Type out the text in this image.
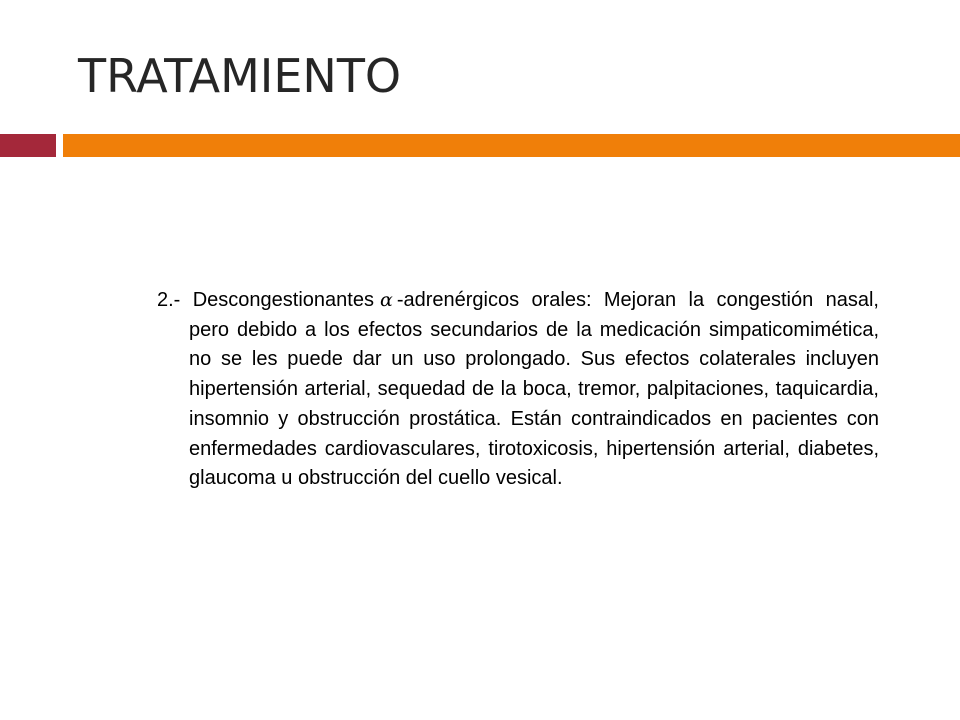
TRATAMIENTO

2.- Descongestionantes α -adrenérgicos orales: Mejoran la congestión nasal, pero debido a los efectos secundarios de la medicación simpaticomimética, no se les puede dar un uso prolongado. Sus efectos colaterales incluyen hipertensión arterial, sequedad de la boca, tremor, palpitaciones, taquicardia, insomnio y obstrucción prostática. Están contraindicados en pacientes con enfermedades cardiovasculares, tirotoxicosis, hipertensión arterial, diabetes, glaucoma u obstrucción del cuello vesical.
